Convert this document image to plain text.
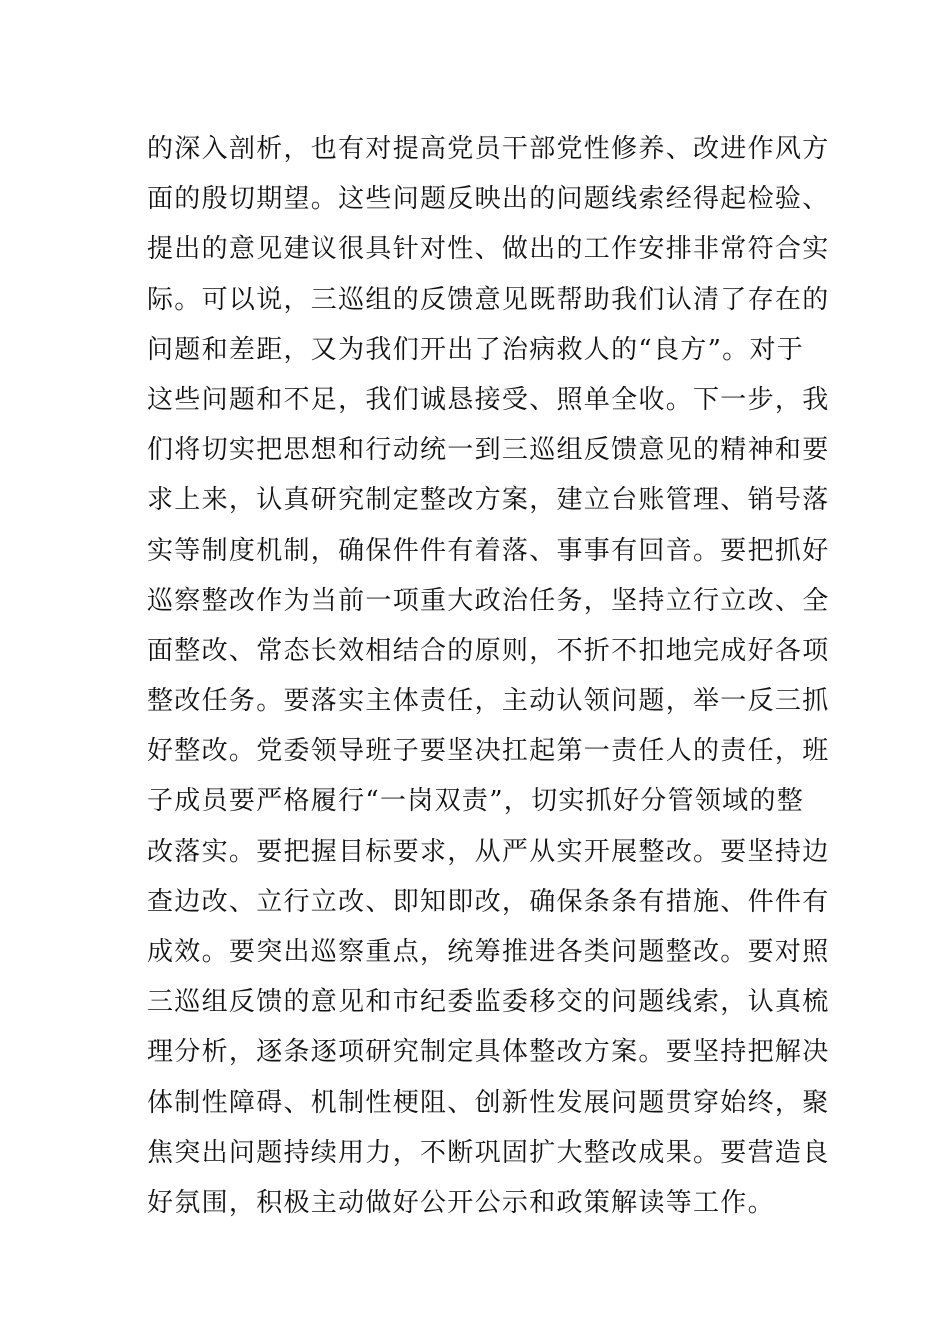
的深入剖析，也有对提高党员干部党性修养、改进作风方
面的殷切期望。这些问题反映出的问题线索经得起检验、
提出的意见建议很具针对性、做出的工作安排非常符合实
际。可以说，三巡组的反馈意见既帮助我们认清了存在的
问题和差距，又为我们开出了治病救人的“良方”。对于
这些问题和不足，我们诚恳接受、照单全收。下一步，我
们将切实把思想和行动统一到三巡组反馈意见的精神和要
求上来，认真研究制定整改方案，建立台账管理、销号落
实等制度机制，确保件件有着落、事事有回音。要把抓好
巡察整改作为当前一项重大政治任务，坚持立行立改、全
面整改、常态长效相结合的原则，不折不扣地完成好各项
整改任务。要落实主体责任，主动认领问题，举一反三抓
好整改。党委领导班子要坚决扛起第一责任人的责任，班
子成员要严格履行“一岗双责”，切实抓好分管领域的整
改落实。要把握目标要求，从严从实开展整改。要坚持边
查边改、立行立改、即知即改，确保条条有措施、件件有
成效。要突出巡察重点，统筹推进各类问题整改。要对照
三巡组反馈的意见和市纪委监委移交的问题线索，认真梳
理分析，逐条逐项研究制定具体整改方案。要坚持把解决
体制性障碍、机制性梗阻、创新性发展问题贯穿始终，聚
焦突出问题持续用力，不断巩固扩大整改成果。要营造良
好氛围，积极主动做好公开公示和政策解读等工作。
